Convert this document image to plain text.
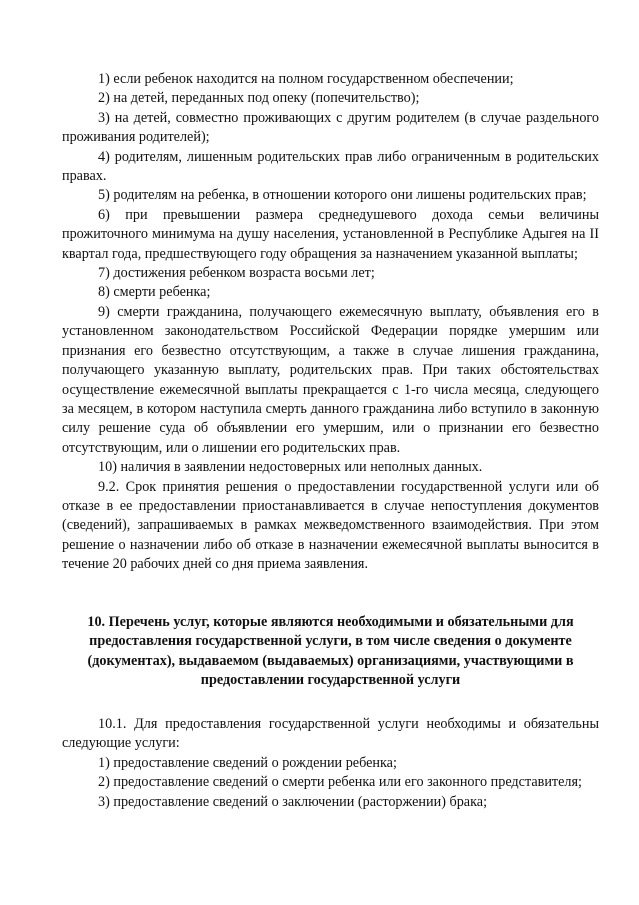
1) если ребенок находится на полном государственном обеспечении;

2) на детей, переданных под опеку (попечительство);

3) на детей, совместно проживающих с другим родителем (в случае раздельного проживания родителей);

4) родителям, лишенным родительских прав либо ограниченным в родительских правах.

5) родителям на ребенка, в отношении которого они лишены родительских прав;

6) при превышении размера среднедушевого дохода семьи величины прожиточного минимума на душу населения, установленной в Республике Адыгея на II квартал года, предшествующего году обращения за назначением указанной выплаты;

7) достижения ребенком возраста восьми лет;

8) смерти ребенка;

9) смерти гражданина, получающего ежемесячную выплату, объявления его в установленном законодательством Российской Федерации порядке умершим или признания его безвестно отсутствующим, а также в случае лишения гражданина, получающего указанную выплату, родительских прав. При таких обстоятельствах осуществление ежемесячной выплаты прекращается с 1-го числа месяца, следующего за месяцем, в котором наступила смерть данного гражданина либо вступило в законную силу решение суда об объявлении его умершим, или о признании его безвестно отсутствующим, или о лишении его родительских прав.

10) наличия в заявлении недостоверных или неполных данных.

9.2. Срок принятия решения о предоставлении государственной услуги или об отказе в ее предоставлении приостанавливается в случае непоступления документов (сведений), запрашиваемых в рамках межведомственного взаимодействия. При этом решение о назначении либо об отказе в назначении ежемесячной выплаты выносится в течение 20 рабочих дней со дня приема заявления.

10. Перечень услуг, которые являются необходимыми и обязательными для предоставления государственной услуги, в том числе сведения о документе (документах), выдаваемом (выдаваемых) организациями, участвующими в предоставлении государственной услуги

10.1. Для предоставления государственной услуги необходимы и обязательны следующие услуги:

1) предоставление сведений о рождении ребенка;

2) предоставление сведений о смерти ребенка или его законного представителя;

3) предоставление сведений о заключении (расторжении) брака;
